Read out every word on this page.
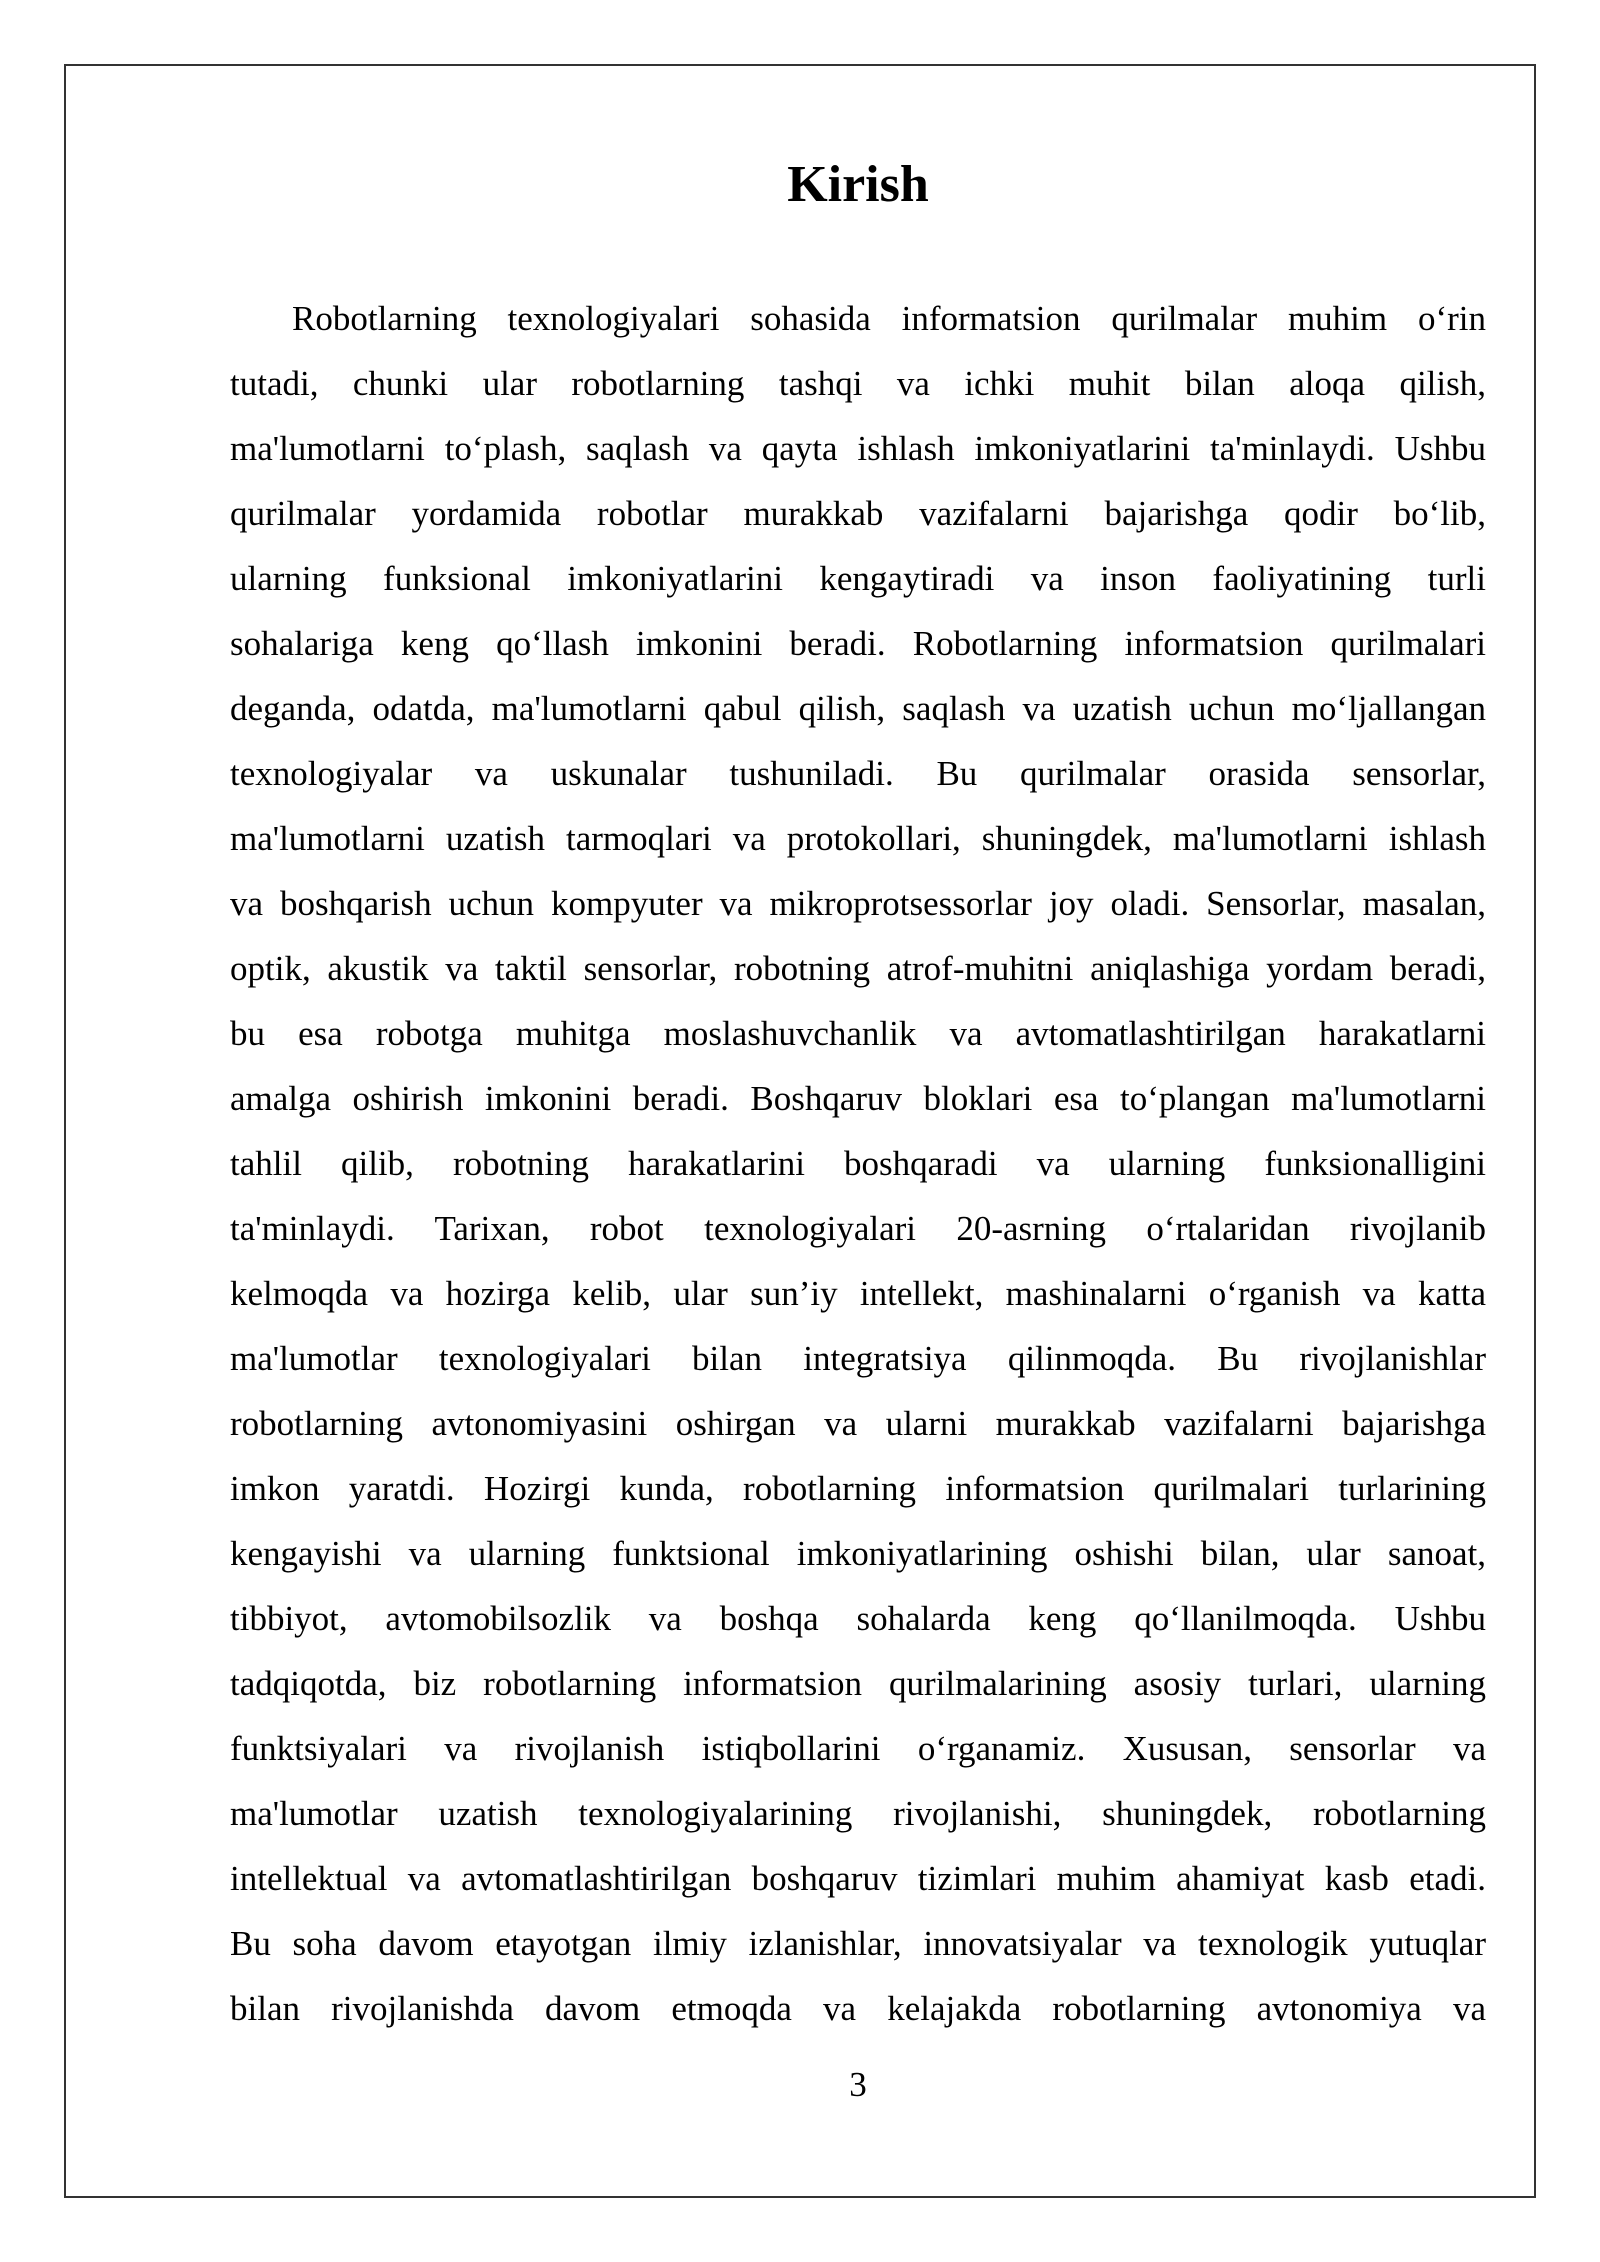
Kirish
Robotlarning texnologiyalari sohasida informatsion qurilmalar muhim o‘rin
tutadi, chunki ular robotlarning tashqi va ichki muhit bilan aloqa qilish,
ma'lumotlarni to‘plash, saqlash va qayta ishlash imkoniyatlarini ta'minlaydi. Ushbu
qurilmalar yordamida robotlar murakkab vazifalarni bajarishga qodir bo‘lib,
ularning funksional imkoniyatlarini kengaytiradi va inson faoliyatining turli
sohalariga keng qo‘llash imkonini beradi. Robotlarning informatsion qurilmalari
deganda, odatda, ma'lumotlarni qabul qilish, saqlash va uzatish uchun mo‘ljallangan
texnologiyalar va uskunalar tushuniladi. Bu qurilmalar orasida sensorlar,
ma'lumotlarni uzatish tarmoqlari va protokollari, shuningdek, ma'lumotlarni ishlash
va boshqarish uchun kompyuter va mikroprotsessorlar joy oladi. Sensorlar, masalan,
optik, akustik va taktil sensorlar, robotning atrof-muhitni aniqlashiga yordam beradi,
bu esa robotga muhitga moslashuvchanlik va avtomatlashtirilgan harakatlarni
amalga oshirish imkonini beradi. Boshqaruv bloklari esa to‘plangan ma'lumotlarni
tahlil qilib, robotning harakatlarini boshqaradi va ularning funksionalligini
ta'minlaydi. Tarixan, robot texnologiyalari 20-asrning o‘rtalaridan rivojlanib
kelmoqda va hozirga kelib, ular sun’iy intellekt, mashinalarni o‘rganish va katta
ma'lumotlar texnologiyalari bilan integratsiya qilinmoqda. Bu rivojlanishlar
robotlarning avtonomiyasini oshirgan va ularni murakkab vazifalarni bajarishga
imkon yaratdi. Hozirgi kunda, robotlarning informatsion qurilmalari turlarining
kengayishi va ularning funktsional imkoniyatlarining oshishi bilan, ular sanoat,
tibbiyot, avtomobilsozlik va boshqa sohalarda keng qo‘llanilmoqda. Ushbu
tadqiqotda, biz robotlarning informatsion qurilmalarining asosiy turlari, ularning
funktsiyalari va rivojlanish istiqbollarini o‘rganamiz. Xususan, sensorlar va
ma'lumotlar uzatish texnologiyalarining rivojlanishi, shuningdek, robotlarning
intellektual va avtomatlashtirilgan boshqaruv tizimlari muhim ahamiyat kasb etadi.
Bu soha davom etayotgan ilmiy izlanishlar, innovatsiyalar va texnologik yutuqlar
bilan rivojlanishda davom etmoqda va kelajakda robotlarning avtonomiya va
3
